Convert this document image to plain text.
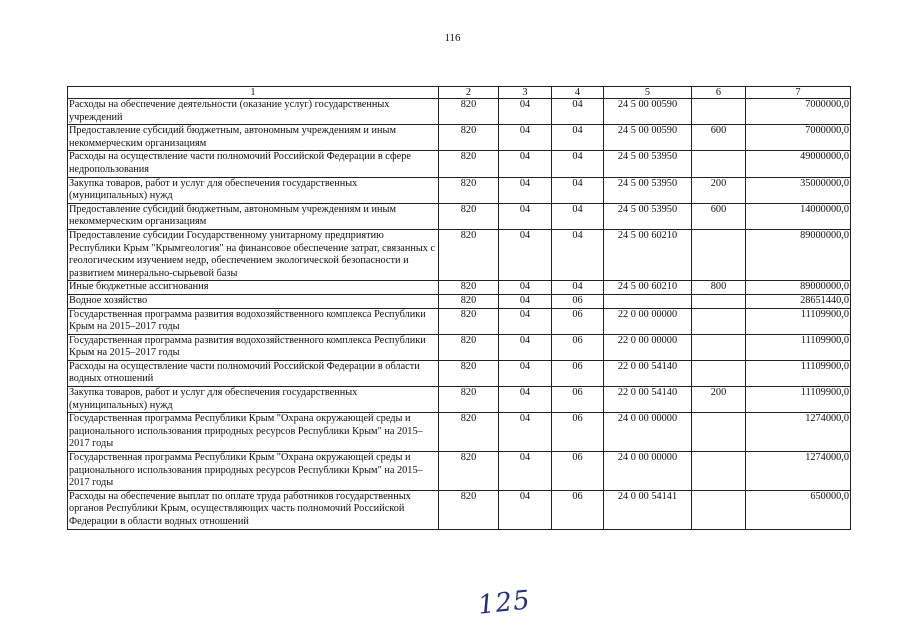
116
1	2	3	4	5	6	7
Расходы на обеспечение деятельности (оказание услуг) государственных учреждений	820	04	04	24 5 00 00590		7000000,0
Предоставление субсидий бюджетным, автономным учреждениям и иным некоммерческим организациям	820	04	04	24 5 00 00590	600	7000000,0
Расходы на осуществление части полномочий Российской Федерации в сфере недропользования	820	04	04	24 5 00 53950		49000000,0
Закупка товаров, работ и услуг для обеспечения государственных (муниципальных) нужд	820	04	04	24 5 00 53950	200	35000000,0
Предоставление субсидий бюджетным, автономным учреждениям и иным некоммерческим организациям	820	04	04	24 5 00 53950	600	14000000,0
Предоставление субсидии Государственному унитарному предприятию Республики Крым "Крымгеология" на финансовое обеспечение затрат, связанных с геологическим изучением недр, обеспечением экологической безопасности и развитием минерально-сырьевой базы	820	04	04	24 5 00 60210		89000000,0
Иные бюджетные ассигнования	820	04	04	24 5 00 60210	800	89000000,0
Водное хозяйство	820	04	06			28651440,0
Государственная программа развития водохозяйственного комплекса Республики Крым на 2015–2017 годы	820	04	06	22 0 00 00000		11109900,0
Государственная программа развития водохозяйственного комплекса Республики Крым на 2015–2017 годы	820	04	06	22 0 00 00000		11109900,0
Расходы на осуществление части полномочий Российской Федерации в области водных отношений	820	04	06	22 0 00 54140		11109900,0
Закупка товаров, работ и услуг для обеспечения государственных (муниципальных) нужд	820	04	06	22 0 00 54140	200	11109900,0
Государственная программа Республики Крым "Охрана окружающей среды и рационального использования природных ресурсов Республики Крым" на 2015–2017 годы	820	04	06	24 0 00 00000		1274000,0
Государственная программа Республики Крым "Охрана окружающей среды и рационального использования природных ресурсов Республики Крым" на 2015–2017 годы	820	04	06	24 0 00 00000		1274000,0
Расходы на обеспечение выплат по оплате труда работников государственных органов Республики Крым, осуществляющих часть полномочий Российской Федерации в области водных отношений	820	04	06	24 0 00 54141		650000,0
125
